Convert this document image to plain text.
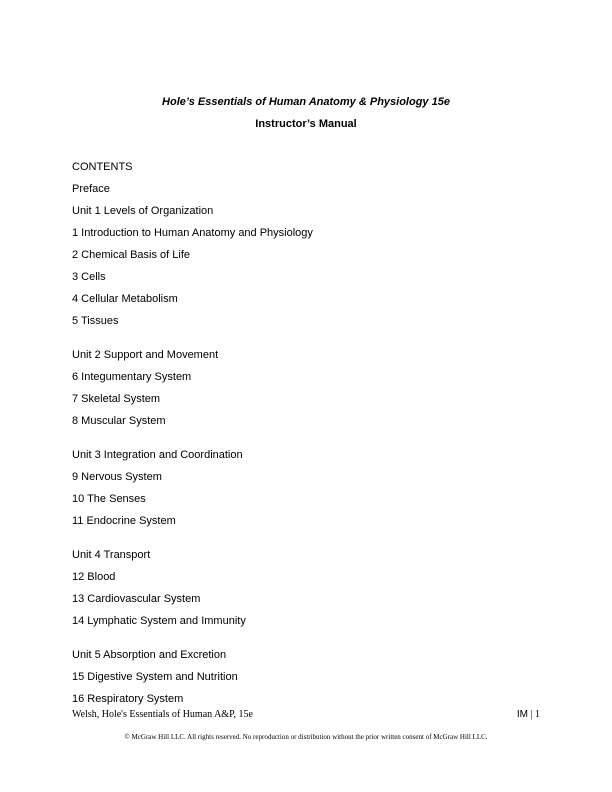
Hole’s Essentials of Human Anatomy & Physiology 15e
Instructor’s Manual
CONTENTS
Preface
Unit 1 Levels of Organization
1 Introduction to Human Anatomy and Physiology
2 Chemical Basis of Life
3 Cells
4 Cellular Metabolism
5 Tissues
Unit 2 Support and Movement
6 Integumentary System
7 Skeletal System
8 Muscular System
Unit 3 Integration and Coordination
9 Nervous System
10 The Senses
11 Endocrine System
Unit 4 Transport
12 Blood
13 Cardiovascular System
14 Lymphatic System and Immunity
Unit 5 Absorption and Excretion
15 Digestive System and Nutrition
16 Respiratory System
Welsh, Hole's Essentials of Human A&P, 15e	IM | 1
© McGraw Hill LLC. All rights reserved. No reproduction or distribution without the prior written consent of McGraw Hill LLC.
